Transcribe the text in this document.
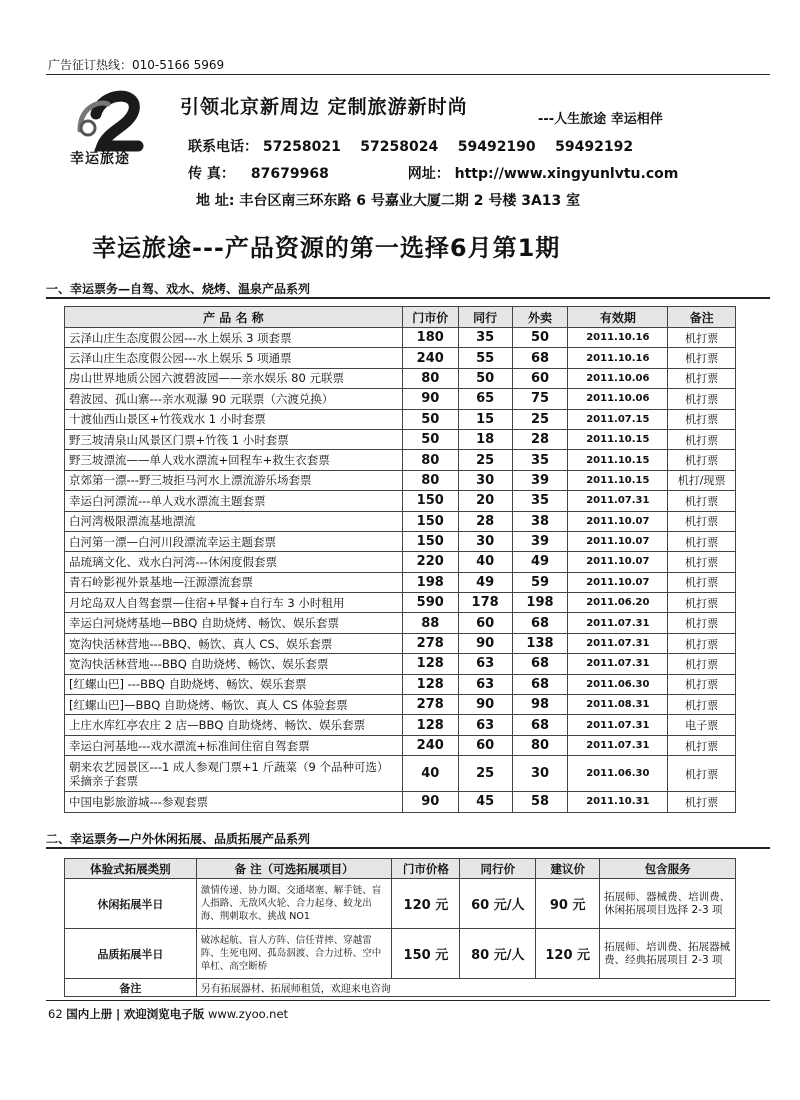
广告征订热线：010-5166 5969
幸运旅途
引领北京新周边 定制旅游新时尚
---人生旅途 幸运相伴
联系电话： 57258021    57258024    59492190    59492192
传 真： 87679968	网址： http://www.xingyunlvtu.com
地 址: 丰台区南三环东路 6 号嘉业大厦二期 2 号楼 3A13 室
幸运旅途---产品资源的第一选择6月第1期
一、幸运票务—自驾、戏水、烧烤、温泉产品系列
产 品 名 称	门市价	同行	外卖	有效期	备注
云泽山庄生态度假公园---水上娱乐 3 项套票	180	35	50	2011.10.16	机打票
云泽山庄生态度假公园---水上娱乐 5 项通票	240	55	68	2011.10.16	机打票
房山世界地质公园六渡碧波园——亲水娱乐 80 元联票	80	50	60	2011.10.06	机打票
碧波园、孤山寨---亲水观瀑 90 元联票（六渡兑换）	90	65	75	2011.10.06	机打票
十渡仙西山景区+竹筏戏水 1 小时套票	50	15	25	2011.07.15	机打票
野三坡清泉山风景区门票+竹筏 1 小时套票	50	18	28	2011.10.15	机打票
野三坡漂流——单人戏水漂流+回程车+救生衣套票	80	25	35	2011.10.15	机打票
京郊第一漂---野三坡拒马河水上漂流游乐场套票	80	30	39	2011.10.15	机打/现票
幸运白河漂流---单人戏水漂流主题套票	150	20	35	2011.07.31	机打票
白河湾极限漂流基地漂流	150	28	38	2011.10.07	机打票
白河第一漂—白河川段漂流幸运主题套票	150	30	39	2011.10.07	机打票
品琉璃文化、戏水白河湾---休闲度假套票	220	40	49	2011.10.07	机打票
青石岭影视外景基地—汪源漂流套票	198	49	59	2011.10.07	机打票
月坨岛双人自驾套票—住宿+早餐+自行车 3 小时租用	590	178	198	2011.06.20	机打票
幸运白河烧烤基地—BBQ 自助烧烤、畅饮、娱乐套票	88	60	68	2011.07.31	机打票
宽沟快活林营地---BBQ、畅饮、真人 CS、娱乐套票	278	90	138	2011.07.31	机打票
宽沟快活林营地---BBQ 自助烧烤、畅饮、娱乐套票	128	63	68	2011.07.31	机打票
[红螺山巴] ---BBQ 自助烧烤、畅饮、娱乐套票	128	63	68	2011.06.30	机打票
[红螺山巴]—BBQ 自助烧烤、畅饮、真人 CS 体验套票	278	90	98	2011.08.31	机打票
上庄水库红亭农庄 2 店—BBQ 自助烧烤、畅饮、娱乐套票	128	63	68	2011.07.31	电子票
幸运白河基地---戏水漂流+标准间住宿自驾套票	240	60	80	2011.07.31	机打票
朝来农艺园景区---1 成人参观门票+1 斤蔬菜（9 个品种可选）采摘亲子套票	40	25	30	2011.06.30	机打票
中国电影旅游城---参观套票	90	45	58	2011.10.31	机打票
二、幸运票务—户外休闲拓展、品质拓展产品系列
体验式拓展类别	备 注（可选拓展项目）	门市价格	同行价	建议价	包含服务
休闲拓展半日	激情传递、协力圈、交通堵塞、解手链、盲人指路、无敌风火轮、合力起身、蛟龙出海、荆刺取水、挑战 NO1	120 元	60 元/人	90 元	拓展师、器械费、培训费、休闲拓展项目选择 2-3 项
品质拓展半日	破冰起航、盲人方阵、信任背摔、穿越雷阵、生死电网、孤岛泅渡、合力过桥、空中单杠、高空断桥	150 元	80 元/人	120 元	拓展师、培训费、拓展器械费、经典拓展项目 2-3 项
备注	另有拓展器材、拓展师租赁，欢迎来电咨询				
62 国内上册 | 欢迎浏览电子版 www.zyoo.net
